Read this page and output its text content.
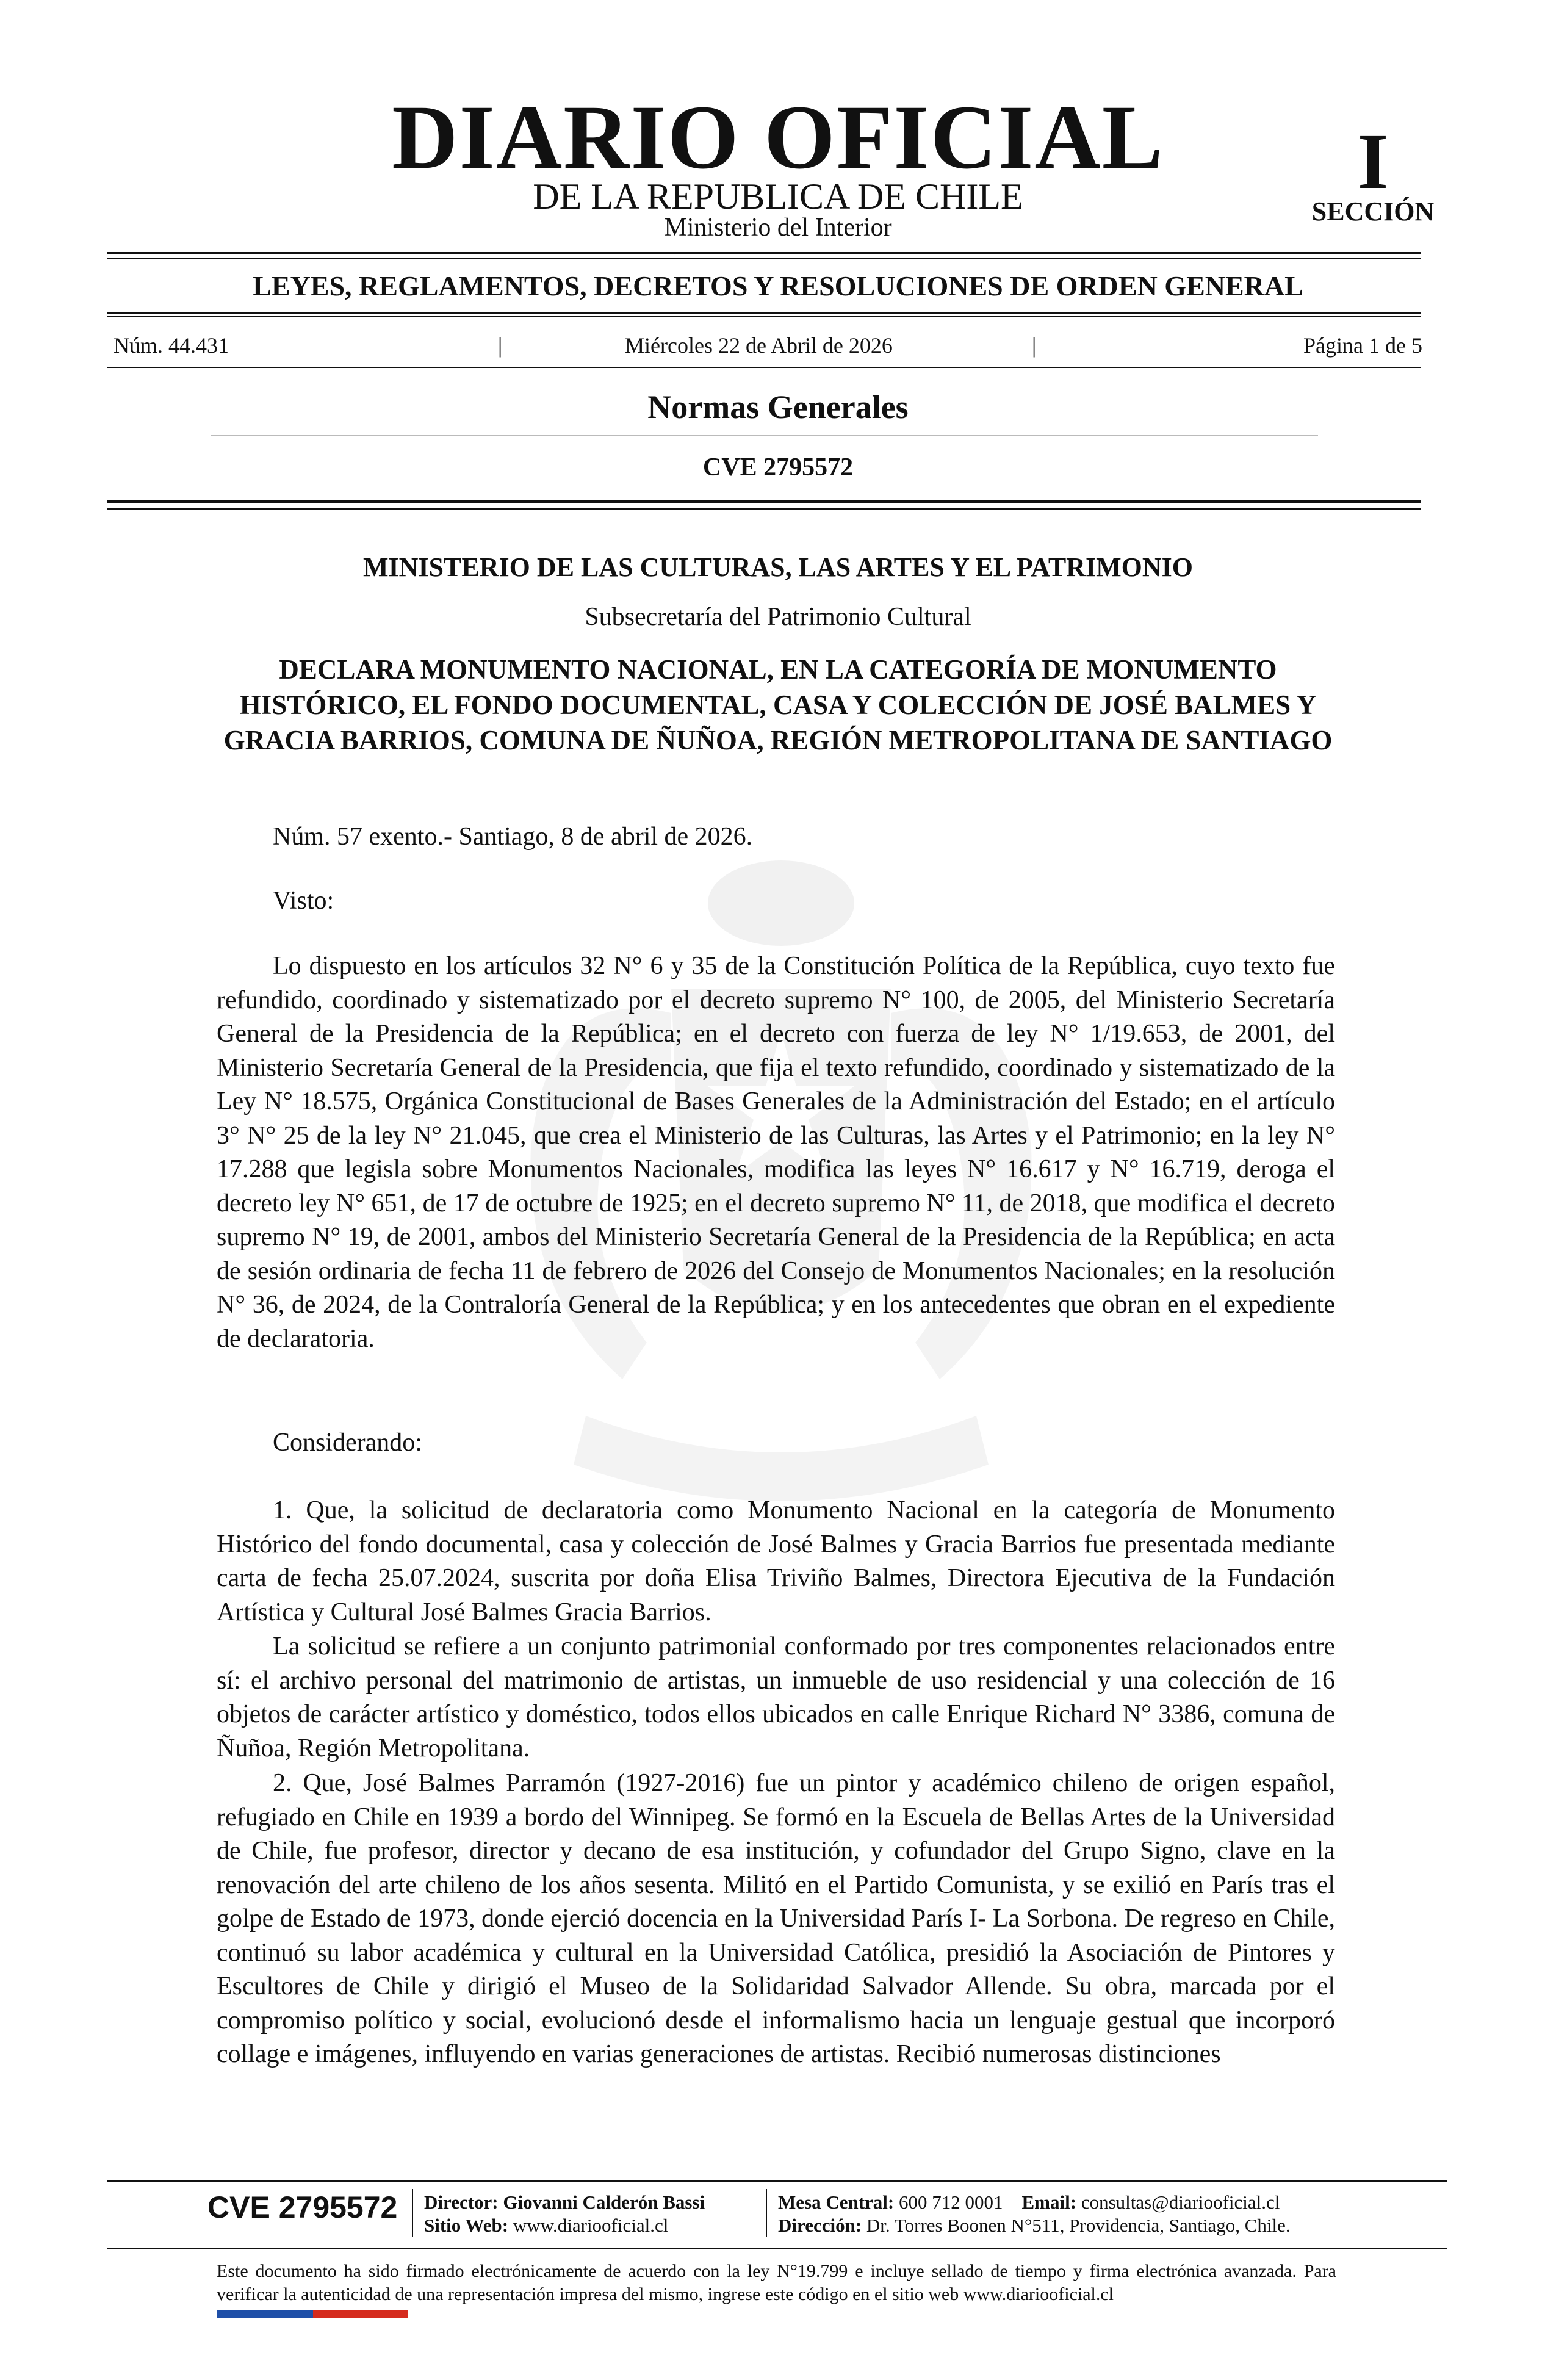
DIARIO OFICIAL
DE LA REPUBLICA DE CHILE
Ministerio del Interior
I
SECCIÓN
LEYES, REGLAMENTOS, DECRETOS Y RESOLUCIONES DE ORDEN GENERAL
Núm. 44.431	|	Miércoles 22 de Abril de 2026	|	Página 1 de 5
Normas Generales
CVE 2795572
MINISTERIO DE LAS CULTURAS, LAS ARTES Y EL PATRIMONIO
Subsecretaría del Patrimonio Cultural
DECLARA MONUMENTO NACIONAL, EN LA CATEGORÍA DE MONUMENTO HISTÓRICO, EL FONDO DOCUMENTAL, CASA Y COLECCIÓN DE JOSÉ BALMES Y GRACIA BARRIOS, COMUNA DE ÑUÑOA, REGIÓN METROPOLITANA DE SANTIAGO
Núm. 57 exento.- Santiago, 8 de abril de 2026.
Visto:
Lo dispuesto en los artículos 32 N° 6 y 35 de la Constitución Política de la República, cuyo texto fue refundido, coordinado y sistematizado por el decreto supremo N° 100, de 2005, del Ministerio Secretaría General de la Presidencia de la República; en el decreto con fuerza de ley N° 1/19.653, de 2001, del Ministerio Secretaría General de la Presidencia, que fija el texto refundido, coordinado y sistematizado de la Ley N° 18.575, Orgánica Constitucional de Bases Generales de la Administración del Estado; en el artículo 3° N° 25 de la ley N° 21.045, que crea el Ministerio de las Culturas, las Artes y el Patrimonio; en la ley N° 17.288 que legisla sobre Monumentos Nacionales, modifica las leyes N° 16.617 y N° 16.719, deroga el decreto ley N° 651, de 17 de octubre de 1925; en el decreto supremo N° 11, de 2018, que modifica el decreto supremo N° 19, de 2001, ambos del Ministerio Secretaría General de la Presidencia de la República; en acta de sesión ordinaria de fecha 11 de febrero de 2026 del Consejo de Monumentos Nacionales; en la resolución N° 36, de 2024, de la Contraloría General de la República; y en los antecedentes que obran en el expediente de declaratoria.
Considerando:
1. Que, la solicitud de declaratoria como Monumento Nacional en la categoría de Monumento Histórico del fondo documental, casa y colección de José Balmes y Gracia Barrios fue presentada mediante carta de fecha 25.07.2024, suscrita por doña Elisa Triviño Balmes, Directora Ejecutiva de la Fundación Artística y Cultural José Balmes Gracia Barrios.
La solicitud se refiere a un conjunto patrimonial conformado por tres componentes relacionados entre sí: el archivo personal del matrimonio de artistas, un inmueble de uso residencial y una colección de 16 objetos de carácter artístico y doméstico, todos ellos ubicados en calle Enrique Richard N° 3386, comuna de Ñuñoa, Región Metropolitana.
2. Que, José Balmes Parramón (1927-2016) fue un pintor y académico chileno de origen español, refugiado en Chile en 1939 a bordo del Winnipeg. Se formó en la Escuela de Bellas Artes de la Universidad de Chile, fue profesor, director y decano de esa institución, y cofundador del Grupo Signo, clave en la renovación del arte chileno de los años sesenta. Militó en el Partido Comunista, y se exilió en París tras el golpe de Estado de 1973, donde ejerció docencia en la Universidad París I- La Sorbona. De regreso en Chile, continuó su labor académica y cultural en la Universidad Católica, presidió la Asociación de Pintores y Escultores de Chile y dirigió el Museo de la Solidaridad Salvador Allende. Su obra, marcada por el compromiso político y social, evolucionó desde el informalismo hacia un lenguaje gestual que incorporó collage e imágenes, influyendo en varias generaciones de artistas. Recibió numerosas distinciones
CVE 2795572 Director: Giovanni Calderón Bassi
Sitio Web: www.diariooficial.cl
Mesa Central: 600 712 0001 Email: consultas@diariooficial.cl
Dirección: Dr. Torres Boonen N°511, Providencia, Santiago, Chile.
Este documento ha sido firmado electrónicamente de acuerdo con la ley N°19.799 e incluye sellado de tiempo y firma electrónica avanzada. Para verificar la autenticidad de una representación impresa del mismo, ingrese este código en el sitio web www.diariooficial.cl
